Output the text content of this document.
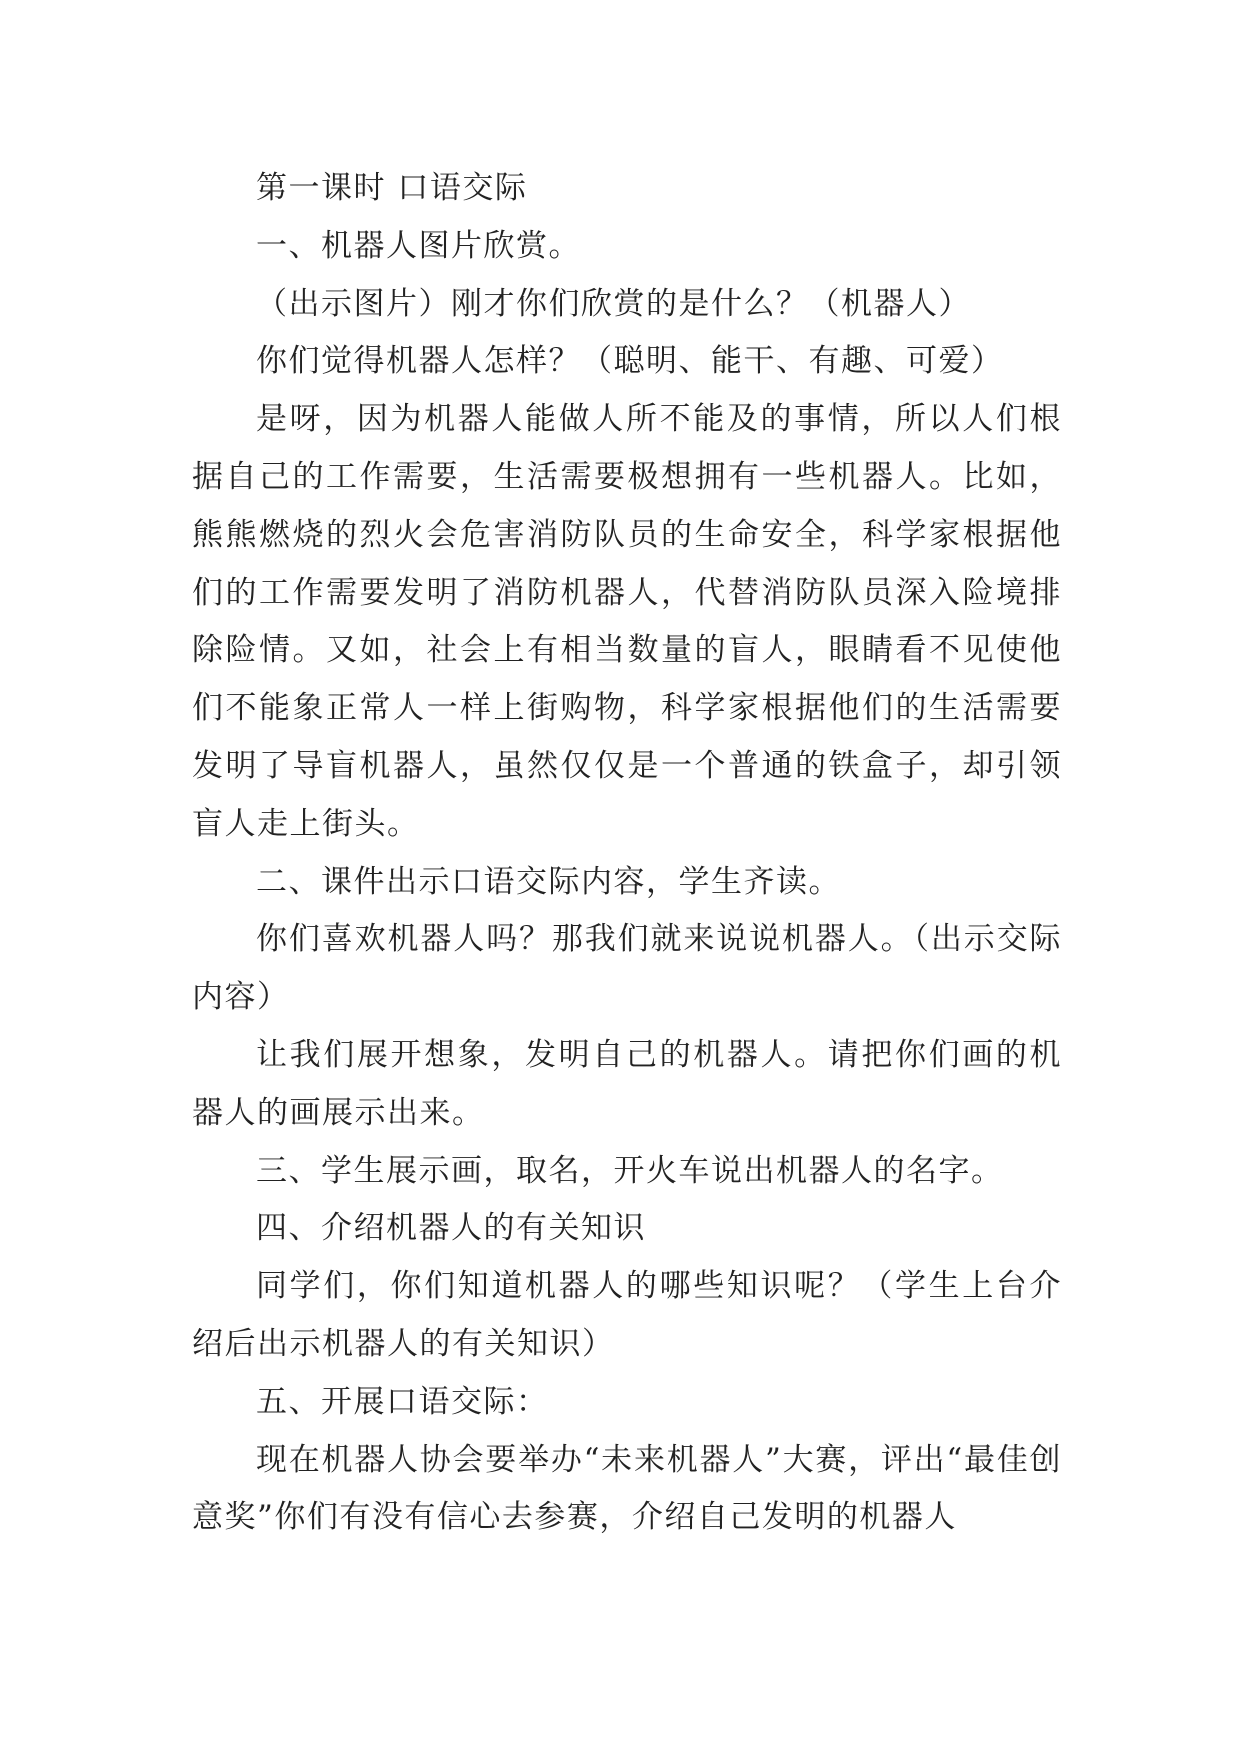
第一课时 口语交际

一、机器人图片欣赏。

（出示图片）刚才你们欣赏的是什么？（机器人）

你们觉得机器人怎样？（聪明、能干、有趣、可爱）

是呀，因为机器人能做人所不能及的事情，所以人们根据自己的工作需要，生活需要极想拥有一些机器人。比如，熊熊燃烧的烈火会危害消防队员的生命安全，科学家根据他们的工作需要发明了消防机器人，代替消防队员深入险境排除险情。又如，社会上有相当数量的盲人，眼睛看不见使他们不能象正常人一样上街购物，科学家根据他们的生活需要发明了导盲机器人，虽然仅仅是一个普通的铁盒子，却引领盲人走上街头。

二、课件出示口语交际内容，学生齐读。

你们喜欢机器人吗？那我们就来说说机器人。（出示交际内容）

让我们展开想象，发明自己的机器人。请把你们画的机器人的画展示出来。

三、学生展示画，取名，开火车说出机器人的名字。

四、介绍机器人的有关知识

同学们，你们知道机器人的哪些知识呢？（学生上台介绍后出示机器人的有关知识）

五、开展口语交际：

现在机器人协会要举办“未来机器人”大赛，评出“最佳创意奖”你们有没有信心去参赛，介绍自己发明的机器人
